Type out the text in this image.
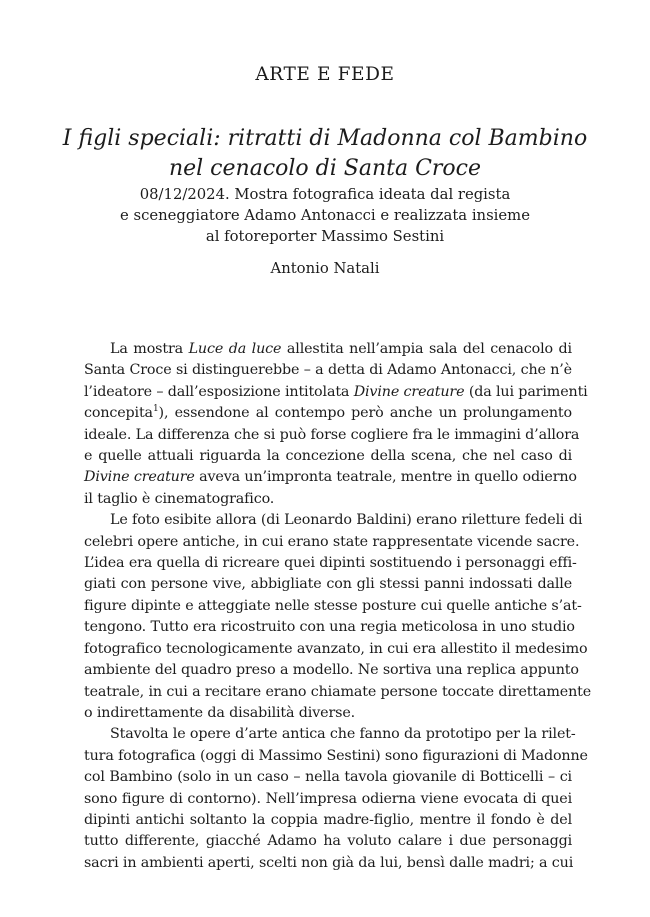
ARTE E FEDE
I figli speciali: ritratti di Madonna col Bambino
nel cenacolo di Santa Croce
08/12/2024. Mostra fotografica ideata dal regista
e sceneggiatore Adamo Antonacci e realizzata insieme
al fotoreporter Massimo Sestini
Antonio Natali
La mostra Luce da luce allestita nell’ampia sala del cenacolo di
Santa Croce si distinguerebbe – a detta di Adamo Antonacci, che n’è
l’ideatore – dall’esposizione intitolata Divine creature (da lui parimenti
concepita$^1$), essendone al contempo però anche un prolungamento
ideale. La differenza che si può forse cogliere fra le immagini d’allora
e quelle attuali riguarda la concezione della scena, che nel caso di
Divine creature aveva un’impronta teatrale, mentre in quello odierno
il taglio è cinematografico.
Le foto esibite allora (di Leonardo Baldini) erano riletture fedeli di
celebri opere antiche, in cui erano state rappresentate vicende sacre.
L’idea era quella di ricreare quei dipinti sostituendo i personaggi effi-
giati con persone vive, abbigliate con gli stessi panni indossati dalle
figure dipinte e atteggiate nelle stesse posture cui quelle antiche s’at-
tengono. Tutto era ricostruito con una regia meticolosa in uno studio
fotografico tecnologicamente avanzato, in cui era allestito il medesimo
ambiente del quadro preso a modello. Ne sortiva una replica appunto
teatrale, in cui a recitare erano chiamate persone toccate direttamente
o indirettamente da disabilità diverse.
Stavolta le opere d’arte antica che fanno da prototipo per la rilet-
tura fotografica (oggi di Massimo Sestini) sono figurazioni di Madonne
col Bambino (solo in un caso – nella tavola giovanile di Botticelli – ci
sono figure di contorno). Nell’impresa odierna viene evocata di quei
dipinti antichi soltanto la coppia madre-figlio, mentre il fondo è del
tutto differente, giacché Adamo ha voluto calare i due personaggi
sacri in ambienti aperti, scelti non già da lui, bensì dalle madri; a cui
